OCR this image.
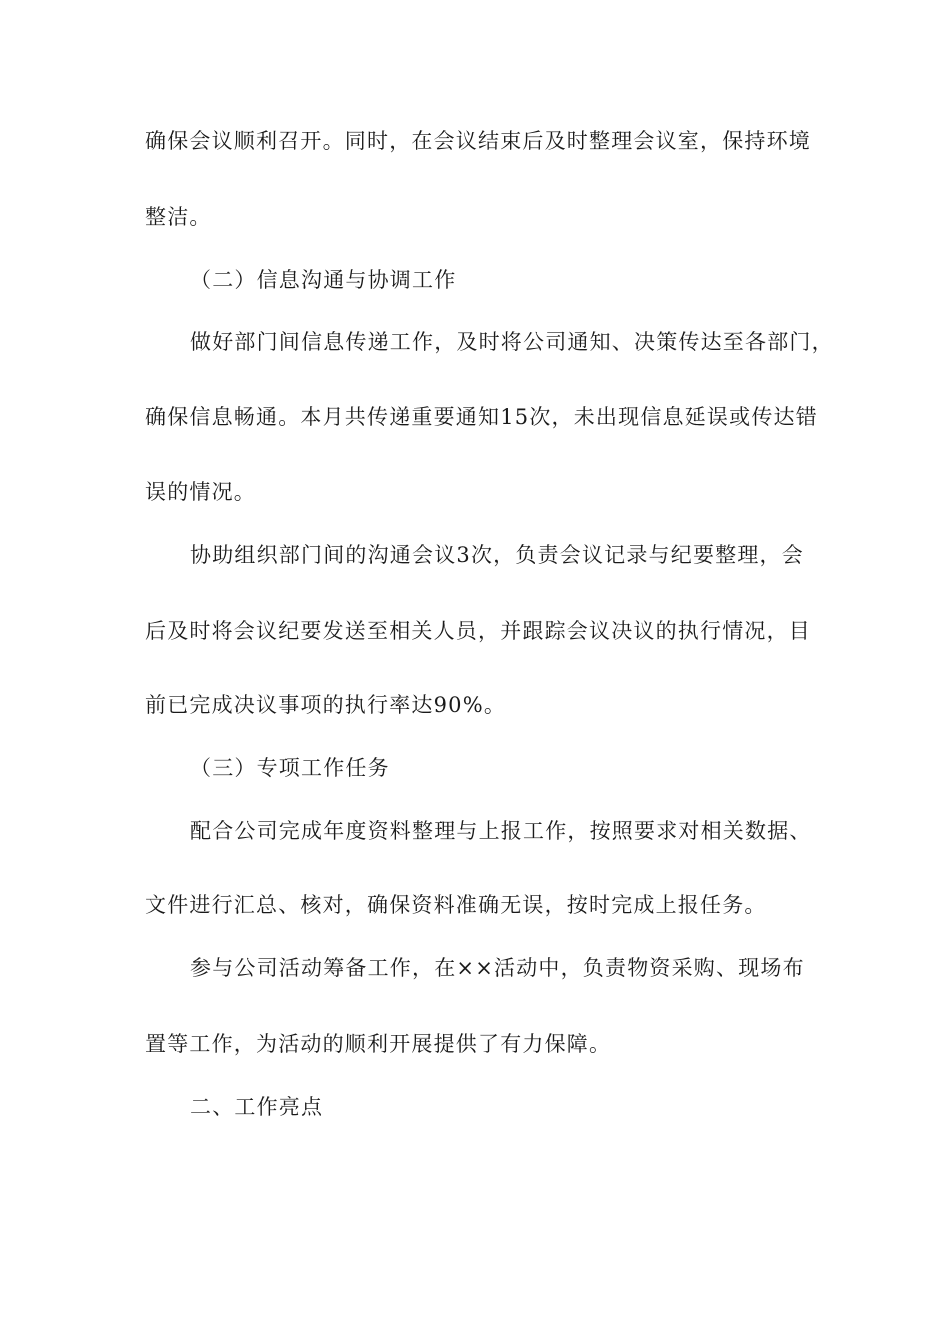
确保会议顺利召开。同时，在会议结束后及时整理会议室，保持环境
整洁。
（二）信息沟通与协调工作
做好部门间信息传递工作，及时将公司通知、决策传达至各部门，
确保信息畅通。本月共传递重要通知15次，未出现信息延误或传达错
误的情况。
协助组织部门间的沟通会议3次，负责会议记录与纪要整理，会
后及时将会议纪要发送至相关人员，并跟踪会议决议的执行情况，目
前已完成决议事项的执行率达90%。
（三）专项工作任务
配合公司完成年度资料整理与上报工作，按照要求对相关数据、
文件进行汇总、核对，确保资料准确无误，按时完成上报任务。
参与公司活动筹备工作，在××活动中，负责物资采购、现场布
置等工作，为活动的顺利开展提供了有力保障。
二、工作亮点
